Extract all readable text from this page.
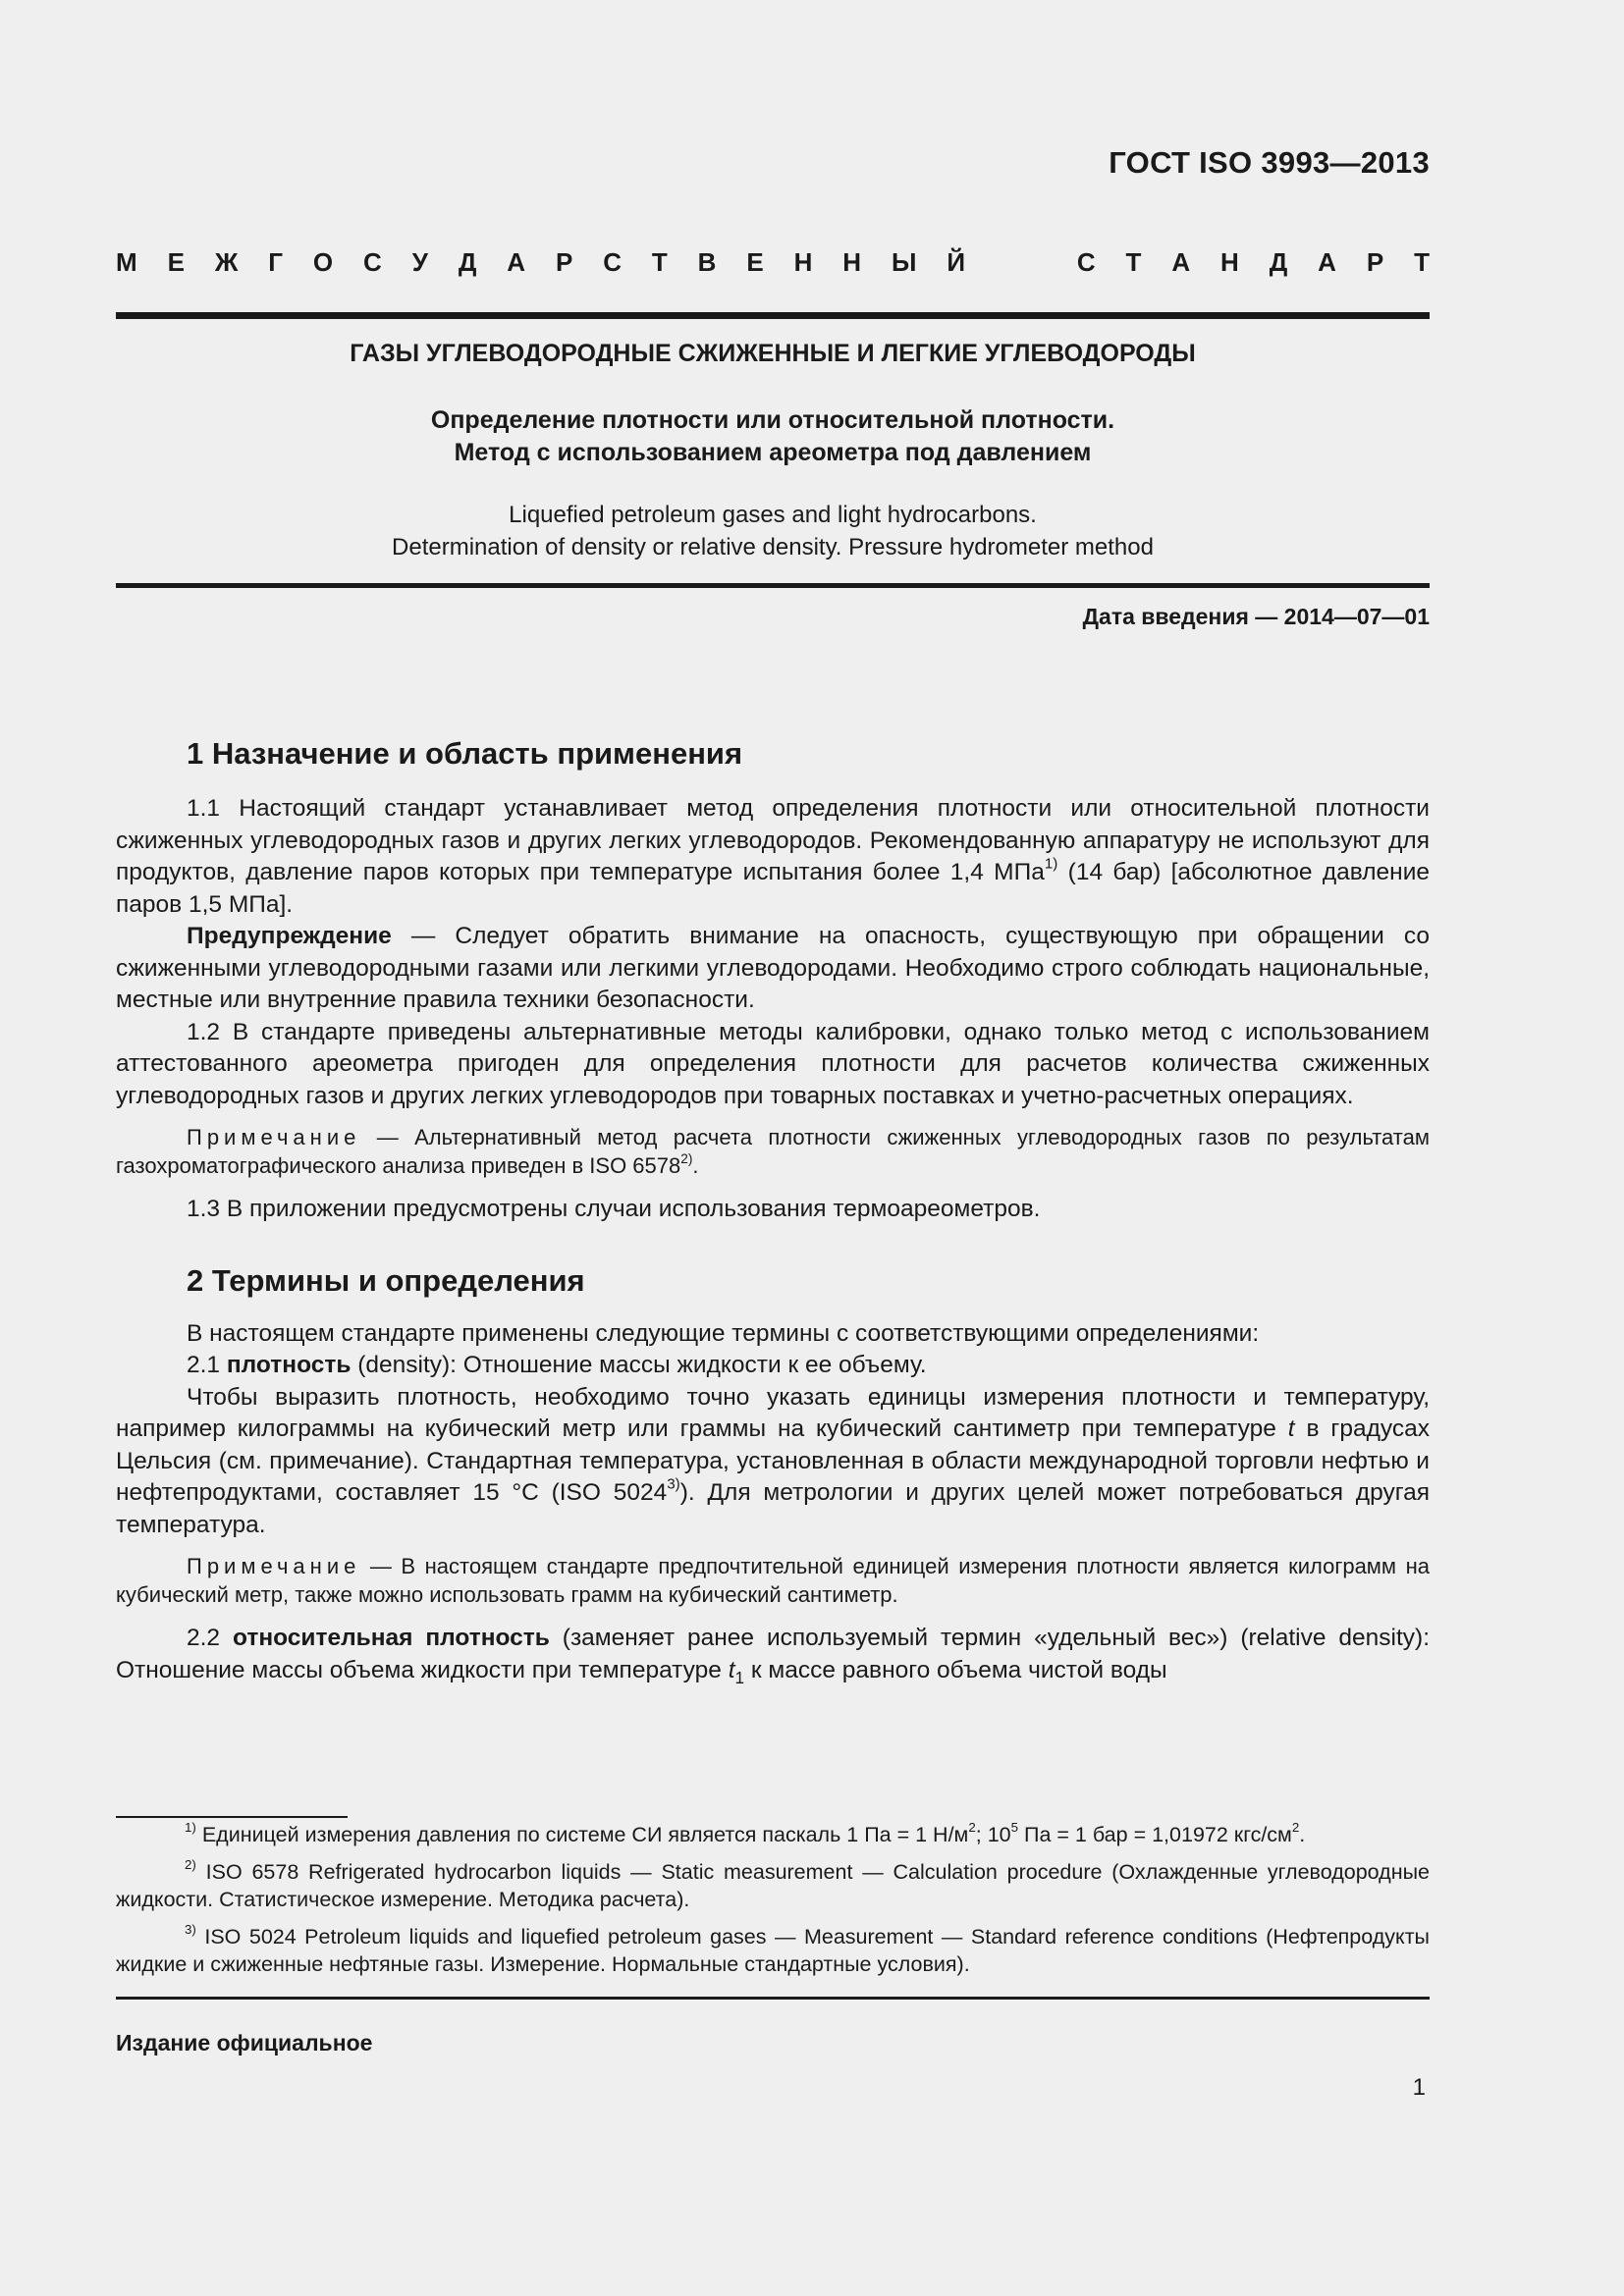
ГОСТ ISO 3993—2013
М Е Ж Г О С У Д А Р С Т В Е Н Н Ы Й	С Т А Н Д А Р Т
ГАЗЫ УГЛЕВОДОРОДНЫЕ СЖИЖЕННЫЕ И ЛЕГКИЕ УГЛЕВОДОРОДЫ
Определение плотности или относительной плотности.
Метод с использованием ареометра под давлением
Liquefied petroleum gases and light hydrocarbons.
Determination of density or relative density. Pressure hydrometer method
Дата введения — 2014—07—01
1 Назначение и область применения

1.1 Настоящий стандарт устанавливает метод определения плотности или относительной плотности сжиженных углеводородных газов и других легких углеводородов. Рекомендованную аппаратуру не используют для продуктов, давление паров которых при температуре испытания более 1,4 МПа$^{1)}$ (14 бар) [абсолютное давление паров 1,5 МПа].

Предупреждение — Следует обратить внимание на опасность, существующую при обращении со сжиженными углеводородными газами или легкими углеводородами. Необходимо строго соблюдать национальные, местные или внутренние правила техники безопасности.

1.2 В стандарте приведены альтернативные методы калибровки, однако только метод с использованием аттестованного ареометра пригоден для определения плотности для расчетов количества сжиженных углеводородных газов и других легких углеводородов при товарных поставках и учетно-расчетных операциях.

Примечание — Альтернативный метод расчета плотности сжиженных углеводородных газов по результатам газохроматографического анализа приведен в ISO 6578$^{2)}$.

1.3 В приложении предусмотрены случаи использования термоареометров.

2 Термины и определения

В настоящем стандарте применены следующие термины с соответствующими определениями:

2.1 плотность (density): Отношение массы жидкости к ее объему.

Чтобы выразить плотность, необходимо точно указать единицы измерения плотности и температуру, например килограммы на кубический метр или граммы на кубический сантиметр при температуре t в градусах Цельсия (см. примечание). Стандартная температура, установленная в области международной торговли нефтью и нефтепродуктами, составляет 15 °С (ISO 5024$^{3)}$). Для метрологии и других целей может потребоваться другая температура.

Примечание — В настоящем стандарте предпочтительной единицей измерения плотности является килограмм на кубический метр, также можно использовать грамм на кубический сантиметр.

2.2 относительная плотность (заменяет ранее используемый термин «удельный вес») (relative density): Отношение массы объема жидкости при температуре $t_1$ к массе равного объема чистой воды

$^{1)}$ Единицей измерения давления по системе СИ является паскаль 1 Па = 1 $Н/м^2$; $10^5$ Па = 1 бар = 1,01972 кгс/$см^2$.

$^{2)}$ ISO 6578 Refrigerated hydrocarbon liquids — Static measurement — Calculation procedure (Охлажденные углеводородные жидкости. Статистическое измерение. Методика расчета).

$^{3)}$ ISO 5024 Petroleum liquids and liquefied petroleum gases — Measurement — Standard reference conditions (Нефтепродукты жидкие и сжиженные нефтяные газы. Измерение. Нормальные стандартные условия).

Издание официальное
1
